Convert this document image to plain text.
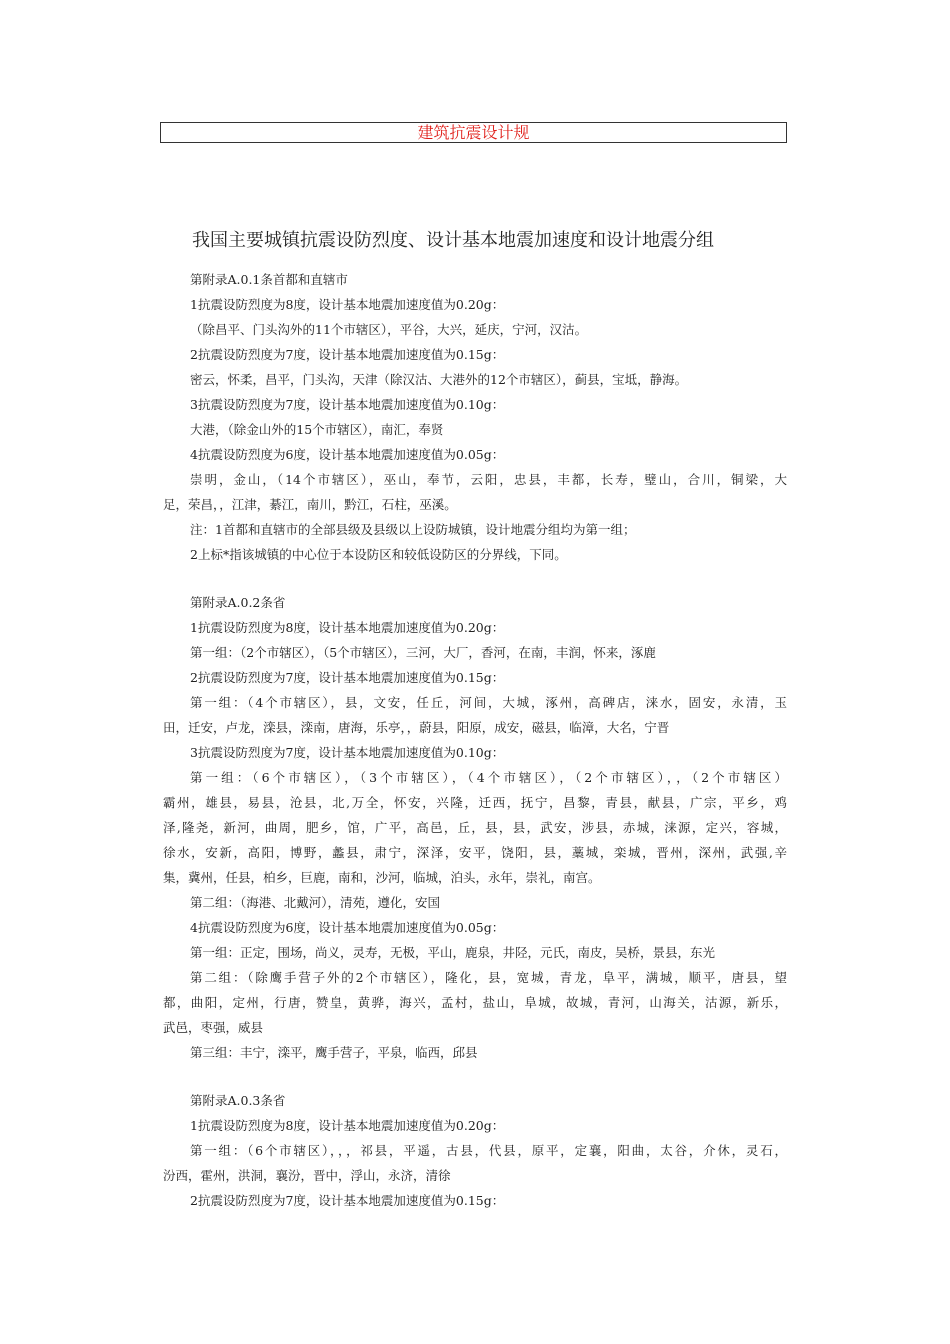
建筑抗震设计规
我国主要城镇抗震设防烈度、设计基本地震加速度和设计地震分组
第附录A.0.1条首都和直辖市
1抗震设防烈度为8度，设计基本地震加速度值为0.20g：
（除昌平、门头沟外的11个市辖区），平谷，大兴，延庆，宁河，汉沽。
2抗震设防烈度为7度，设计基本地震加速度值为0.15g：
密云，怀柔，昌平，门头沟，天津（除汉沽、大港外的12个市辖区），蓟县，宝坻，静海。
3抗震设防烈度为7度，设计基本地震加速度值为0.10g：
大港，（除金山外的15个市辖区），南汇，奉贤
4抗震设防烈度为6度，设计基本地震加速度值为0.05g：
崇明，金山，（14个市辖区），巫山，奉节，云阳，忠县，丰都，长寿，璧山，合川，铜梁，大
足，荣昌，，江津，綦江，南川，黔江，石柱，巫溪。
注：1首都和直辖市的全部县级及县级以上设防城镇，设计地震分组均为第一组；
2上标*指该城镇的中心位于本设防区和较低设防区的分界线，下同。
第附录A.0.2条省
1抗震设防烈度为8度，设计基本地震加速度值为0.20g：
第一组：（2个市辖区），（5个市辖区），三河，大厂，香河，在南，丰润，怀来，涿鹿
2抗震设防烈度为7度，设计基本地震加速度值为0.15g：
第一组：（4个市辖区），县，文安，任丘，河间，大城，涿州，高碑店，涞水，固安，永清，玉
田，迁安，卢龙，滦县，滦南，唐海，乐亭，，蔚县，阳原，成安，磁县，临漳，大名，宁晋
3抗震设防烈度为7度，设计基本地震加速度值为0.10g：
第一组：（6个市辖区），（3个市辖区），（4个市辖区），（2个市辖区），，（2个市辖区）
霸州，雄县，易县，沧县，北,万全，怀安，兴隆，迁西，抚宁，昌黎，青县，献县，广宗，平乡，鸡
泽,隆尧，新河，曲周，肥乡，馆，广平，高邑，丘，县，县，武安，涉县，赤城，涞源，定兴，容城，
徐水，安新，高阳，博野，蠡县，肃宁，深泽，安平，饶阳，县，藁城，栾城，晋州，深州，武强,辛
集，冀州，任县，柏乡，巨鹿，南和，沙河，临城，泊头，永年，崇礼，南宫。
第二组：（海港、北戴河），清苑，遵化，安国
4抗震设防烈度为6度，设计基本地震加速度值为0.05g：
第一组：正定，围场，尚义，灵寿，无极，平山，鹿泉，井陉，元氏，南皮，吴桥，景县，东光
第二组：（除鹰手营子外的2个市辖区），隆化，县，宽城，青龙，阜平，满城，顺平，唐县，望
都，曲阳，定州，行唐，赞皇，黄骅，海兴，孟村，盐山，阜城，故城，青河，山海关，沽源，新乐，
武邑，枣强，威县
第三组：丰宁，滦平，鹰手营子，平泉，临西，邱县
第附录A.0.3条省
1抗震设防烈度为8度，设计基本地震加速度值为0.20g：
第一组：（6个市辖区），，，祁县，平遥，古县，代县，原平，定襄，阳曲，太谷，介休，灵石，
汾西，霍州，洪洞，襄汾，晋中，浮山，永济，清徐
2抗震设防烈度为7度，设计基本地震加速度值为0.15g：
